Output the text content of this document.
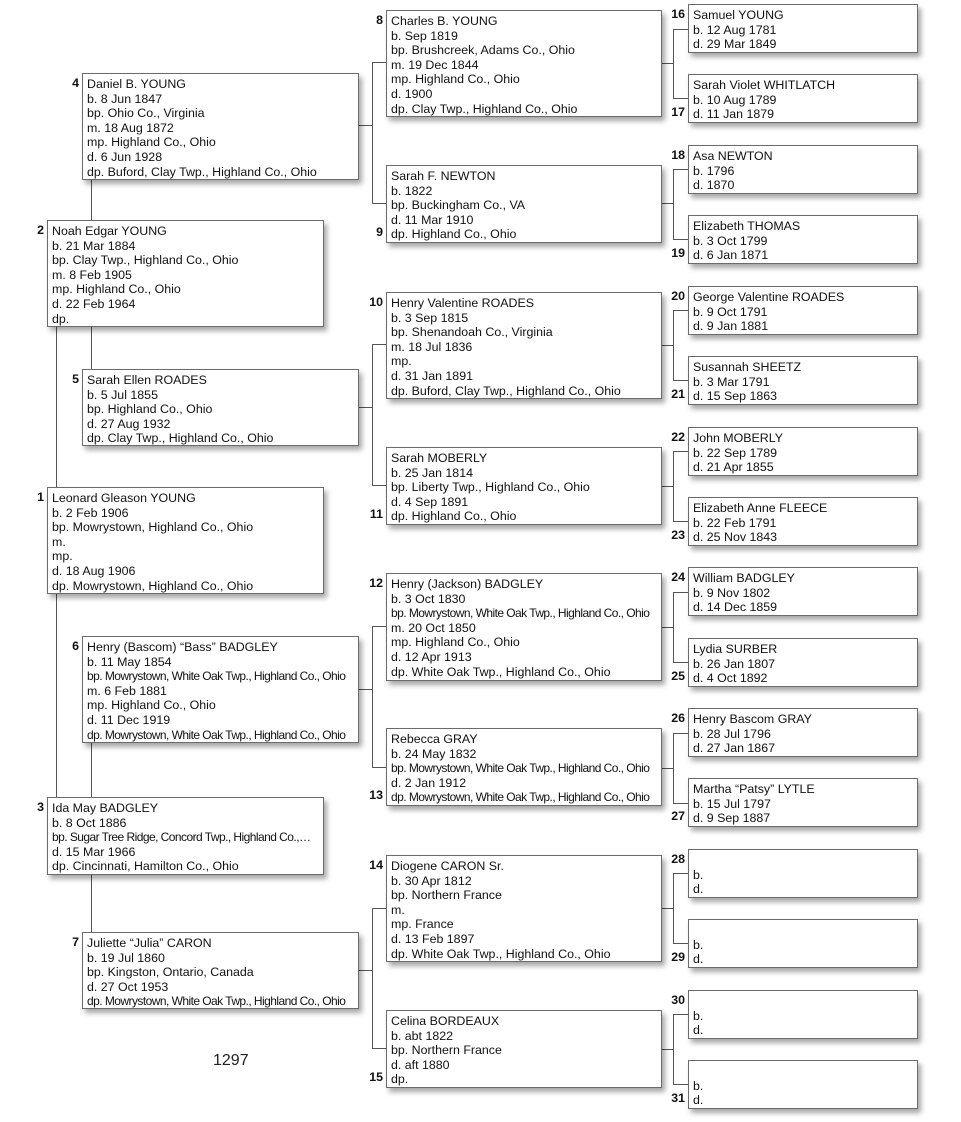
Noah Edgar YOUNG
b. 21 Mar 1884
bp. Clay Twp., Highland Co., Ohio
m. 8 Feb 1905
mp. Highland Co., Ohio
d. 22 Feb 1964
dp.
Leonard Gleason YOUNG
b. 2 Feb 1906
bp. Mowrystown, Highland Co., Ohio
m.
mp.
d. 18 Aug 1906
dp. Mowrystown, Highland Co., Ohio
Ida May BADGLEY
b. 8 Oct 1886
bp. Sugar Tree Ridge, Concord Twp., Highland Co.,…
d. 15 Mar 1966
dp. Cincinnati, Hamilton Co., Ohio
Daniel B. YOUNG
b. 8 Jun 1847
bp. Ohio Co., Virginia
m. 18 Aug 1872
mp. Highland Co., Ohio
d. 6 Jun 1928
dp. Buford, Clay Twp., Highland Co., Ohio
Sarah Ellen ROADES
b. 5 Jul 1855
bp. Highland Co., Ohio
d. 27 Aug 1932
dp. Clay Twp., Highland Co., Ohio
Henry (Bascom) “Bass” BADGLEY
b. 11 May 1854
bp. Mowrystown, White Oak Twp., Highland Co., Ohio
m. 6 Feb 1881
mp. Highland Co., Ohio
d. 11 Dec 1919
dp. Mowrystown, White Oak Twp., Highland Co., Ohio
Juliette “Julia” CARON
b. 19 Jul 1860
bp. Kingston, Ontario, Canada
d. 27 Oct 1953
dp. Mowrystown, White Oak Twp., Highland Co., Ohio
Charles B. YOUNG
b. Sep 1819
bp. Brushcreek, Adams Co., Ohio
m. 19 Dec 1844
mp. Highland Co., Ohio
d. 1900
dp. Clay Twp., Highland Co., Ohio
Sarah F. NEWTON
b. 1822
bp. Buckingham Co., VA
d. 11 Mar 1910
dp. Highland Co., Ohio
Henry Valentine ROADES
b. 3 Sep 1815
bp. Shenandoah Co., Virginia
m. 18 Jul 1836
mp.
d. 31 Jan 1891
dp. Buford, Clay Twp., Highland Co., Ohio
Sarah MOBERLY
b. 25 Jan 1814
bp. Liberty Twp., Highland Co., Ohio
d. 4 Sep 1891
dp. Highland Co., Ohio
Henry (Jackson) BADGLEY
b. 3 Oct 1830
bp. Mowrystown, White Oak Twp., Highland Co., Ohio
m. 20 Oct 1850
mp. Highland Co., Ohio
d. 12 Apr 1913
dp. White Oak Twp., Highland Co., Ohio
Rebecca GRAY
b. 24 May 1832
bp. Mowrystown, White Oak Twp., Highland Co., Ohio
d. 2 Jan 1912
dp. Mowrystown, White Oak Twp., Highland Co., Ohio
Diogene CARON Sr.
b. 30 Apr 1812
bp. Northern France
m.
mp. France
d. 13 Feb 1897
dp. White Oak Twp., Highland Co., Ohio
Celina BORDEAUX
b. abt 1822
bp. Northern France
d. aft 1880
dp.
Samuel YOUNG
b. 12 Aug 1781
d. 29 Mar 1849
Sarah Violet WHITLATCH
b. 10 Aug 1789
d. 11 Jan 1879
Asa NEWTON
b. 1796
d. 1870
Elizabeth THOMAS
b. 3 Oct 1799
d. 6 Jan 1871
George Valentine ROADES
b. 9 Oct 1791
d. 9 Jan 1881
Susannah SHEETZ
b. 3 Mar 1791
d. 15 Sep 1863
John MOBERLY
b. 22 Sep 1789
d. 21 Apr 1855
Elizabeth Anne FLEECE
b. 22 Feb 1791
d. 25 Nov 1843
William BADGLEY
b. 9 Nov 1802
d. 14 Dec 1859
Lydia SURBER
b. 26 Jan 1807
d. 4 Oct 1892
Henry Bascom GRAY
b. 28 Jul 1796
d. 27 Jan 1867
Martha “Patsy” LYTLE
b. 15 Jul 1797
d. 9 Sep 1887

b.
d.

b.
d.

b.
d.

b.
d.
1297
2
1
3
4
5
6
7
8
9
10
11
12
13
14
15
16
17
18
19
20
21
22
23
24
25
26
27
28
29
30
31
